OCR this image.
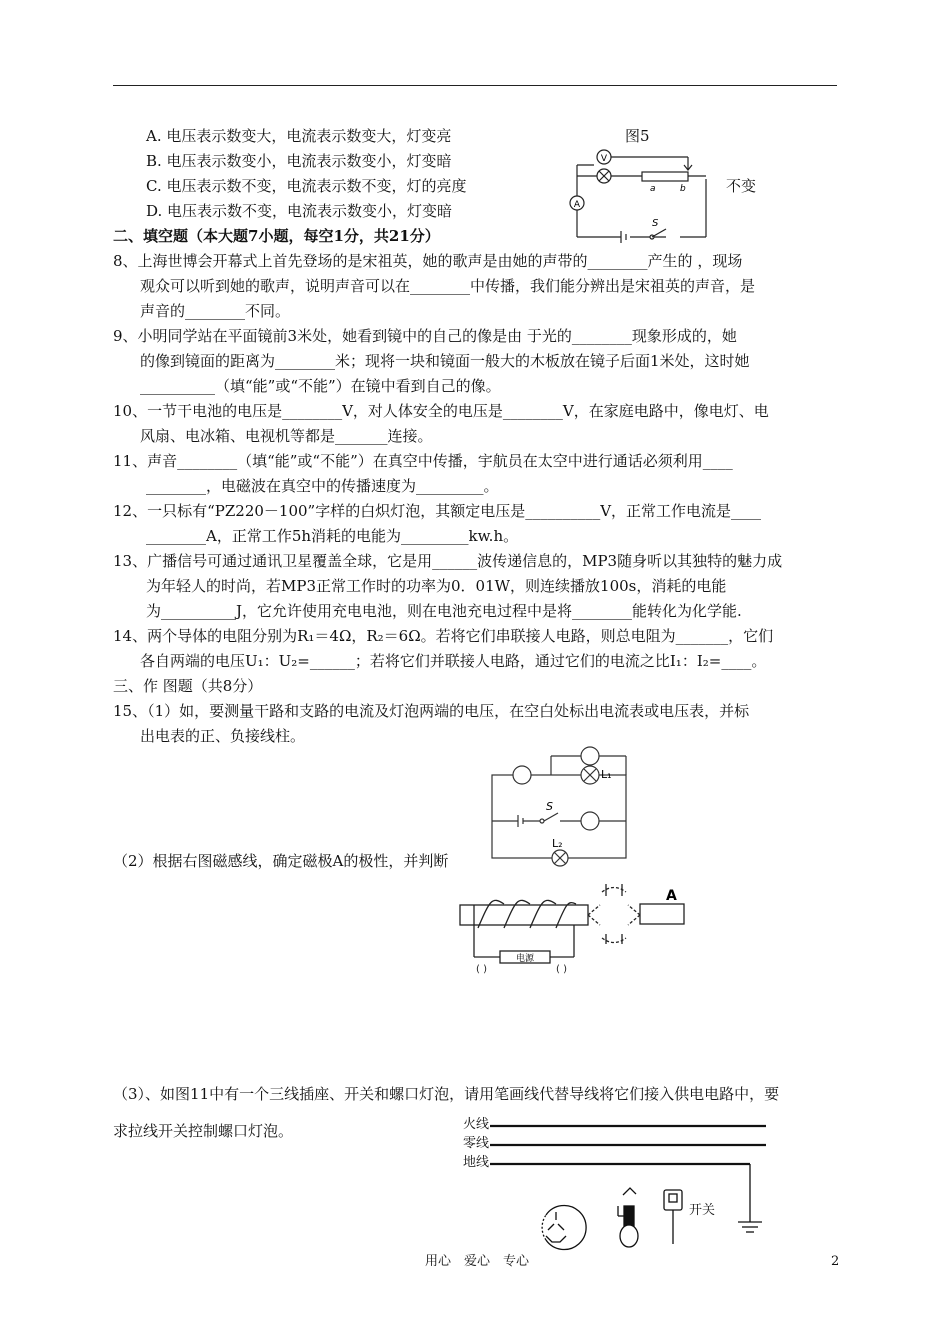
A. 电压表示数变大，电流表示数变大，灯变亮
B. 电压表示数变小，电流表示数变小，灯变暗
C. 电压表示数不变，电流表示数不变，灯的亮度	不变
D. 电压表示数不变，电流表示数变小，灯变暗
图5
V
A
a	b
S
二、填空题（本大题7小题，每空1分，共21分）
8、上海世博会开幕式上首先登场的是宋祖英，她的歌声是由她的声带的________产生的 ，现场
观众可以听到她的歌声，说明声音可以在________中传播，我们能分辨出是宋祖英的声音，是
声音的________不同。
9、小明同学站在平面镜前3米处，她看到镜中的自己的像是由 于光的________现象形成的，她
的像到镜面的距离为________米；现将一块和镜面一般大的木板放在镜子后面1米处，这时她
__________（填“能”或“不能”）在镜中看到自己的像。
10、一节干电池的电压是________V，对人体安全的电压是________V，在家庭电路中，像电灯、电
风扇、电冰箱、电视机等都是_______连接。
11、声音________（填“能”或“不能”）在真空中传播，宇航员在太空中进行通话必须利用____
________，电磁波在真空中的传播速度为_________。
12、一只标有“PZ220－100”字样的白炽灯泡，其额定电压是__________V，正常工作电流是____
________A，正常工作5h消耗的电能为_________kw.h。
13、广播信号可通过通讯卫星覆盖全球，它是用______波传递信息的，MP3随身听以其独特的魅力成
为年轻人的时尚，若MP3正常工作时的功率为0．01W，则连续播放100s，消耗的电能
为__________J，它允许使用充电电池，则在电池充电过程中是将________能转化为化学能.
14、两个导体的电阻分别为R₁＝4Ω，R₂＝6Ω。若将它们串联接人电路，则总电阻为_______，它们
各自两端的电压U₁：U₂=______；若将它们并联接人电路，通过它们的电流之比I₁：I₂=____。
三、作 图题（共8分）
15、（1）如，要测量干路和支路的电流及灯泡两端的电压，在空白处标出电流表或电压表，并标
出电表的正、负接线柱。
L₁
L₂
S
（2）根据右图磁感线，确定磁极A的极性，并判断
( )	( )
电源
A
（3）、如图11中有一个三线插座、开关和螺口灯泡，请用笔画线代替导线将它们接入供电电路中，要
求拉线开关控制螺口灯泡。	火线
零线
地线
开关
用心　爱心　专心	2
